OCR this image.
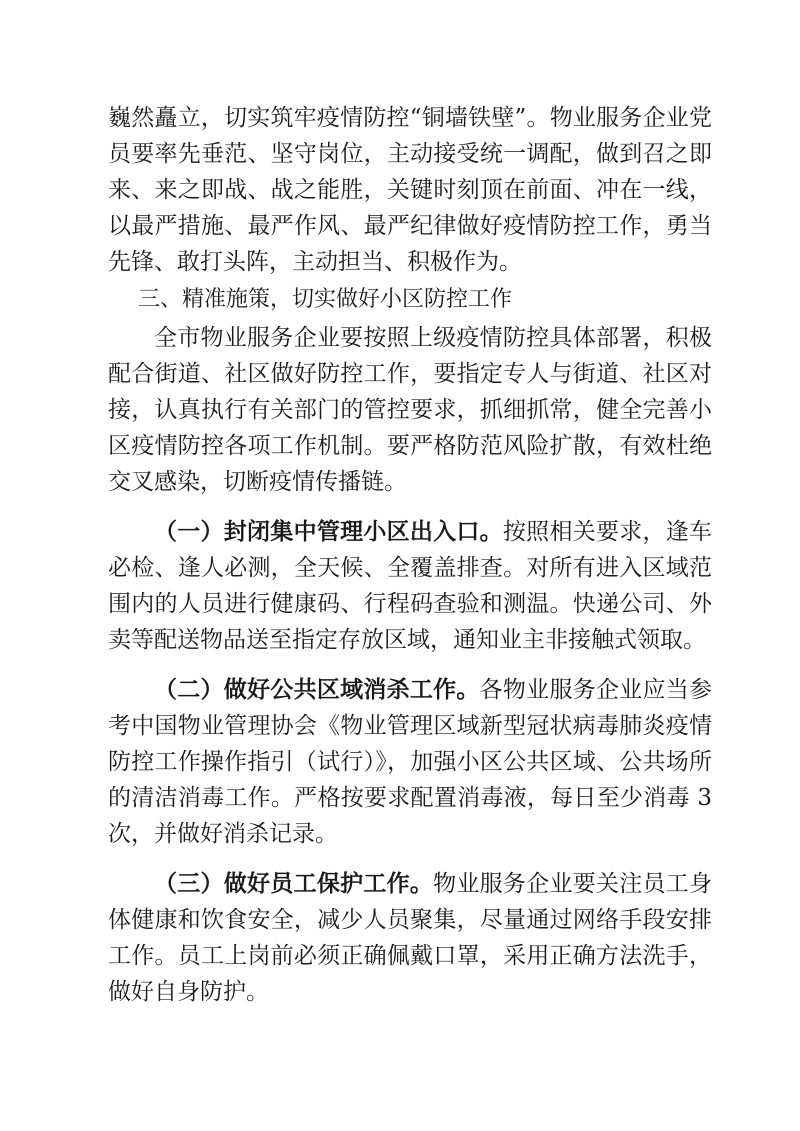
巍然矗立，切实筑牢疫情防控“铜墙铁壁”。物业服务企业党员要率先垂范、坚守岗位，主动接受统一调配，做到召之即来、来之即战、战之能胜，关键时刻顶在前面、冲在一线，以最严措施、最严作风、最严纪律做好疫情防控工作，勇当先锋、敢打头阵，主动担当、积极作为。

三、精准施策，切实做好小区防控工作

全市物业服务企业要按照上级疫情防控具体部署，积极配合街道、社区做好防控工作，要指定专人与街道、社区对接，认真执行有关部门的管控要求，抓细抓常，健全完善小区疫情防控各项工作机制。要严格防范风险扩散，有效杜绝交叉感染，切断疫情传播链。

（一）封闭集中管理小区出入口。按照相关要求，逢车必检、逢人必测，全天候、全覆盖排查。对所有进入区域范围内的人员进行健康码、行程码查验和测温。快递公司、外卖等配送物品送至指定存放区域，通知业主非接触式领取。

（二）做好公共区域消杀工作。各物业服务企业应当参考中国物业管理协会《物业管理区域新型冠状病毒肺炎疫情防控工作操作指引（试行）》，加强小区公共区域、公共场所的清洁消毒工作。严格按要求配置消毒液，每日至少消毒 3 次，并做好消杀记录。

（三）做好员工保护工作。物业服务企业要关注员工身体健康和饮食安全，减少人员聚集，尽量通过网络手段安排工作。员工上岗前必须正确佩戴口罩，采用正确方法洗手，做好自身防护。
